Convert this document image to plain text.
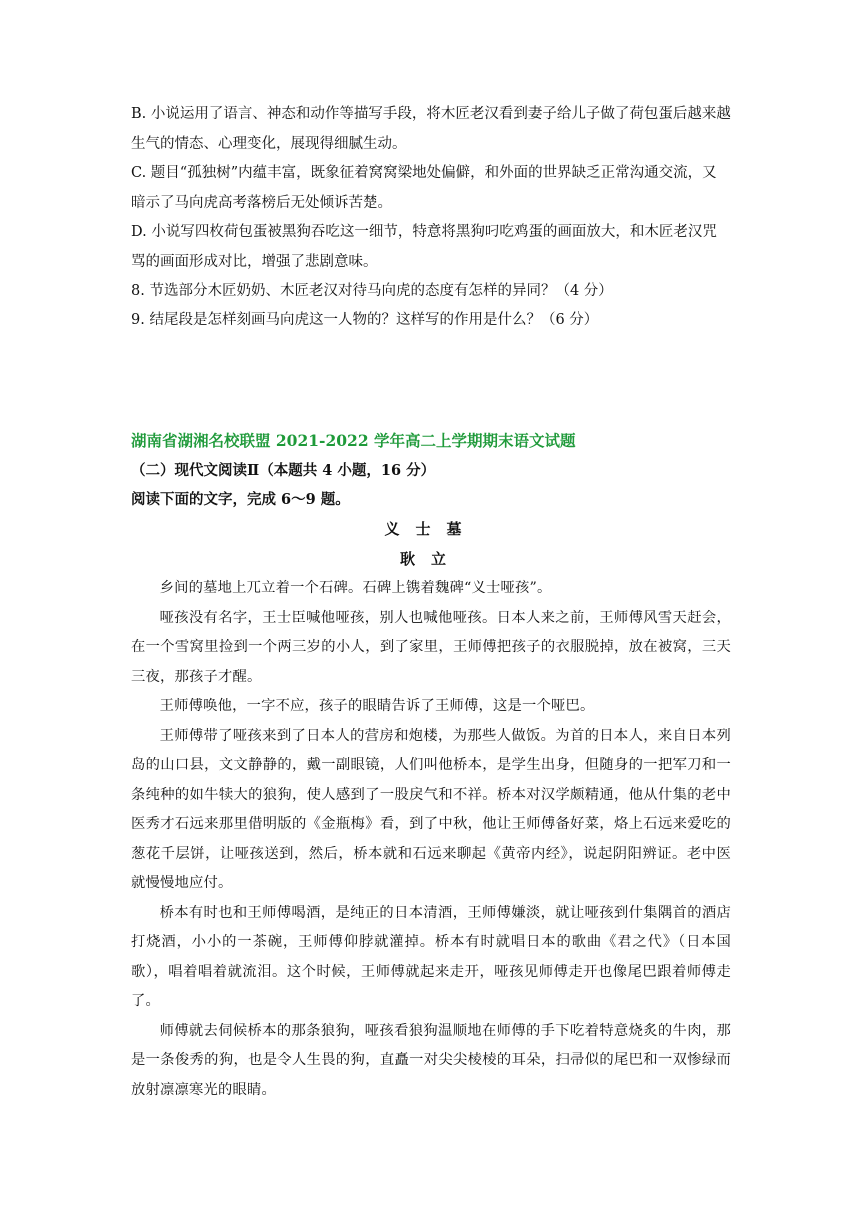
B. 小说运用了语言、神态和动作等描写手段，将木匠老汉看到妻子给儿子做了荷包蛋后越来越生气的情态、心理变化，展现得细腻生动。

C. 题目“孤独树”内蕴丰富，既象征着窝窝梁地处偏僻，和外面的世界缺乏正常沟通交流，又暗示了马向虎高考落榜后无处倾诉苦楚。

D. 小说写四枚荷包蛋被黑狗吞吃这一细节，特意将黑狗叼吃鸡蛋的画面放大，和木匠老汉咒骂的画面形成对比，增强了悲剧意味。

8. 节选部分木匠奶奶、木匠老汉对待马向虎的态度有怎样的异同？（4 分）

9. 结尾段是怎样刻画马向虎这一人物的？这样写的作用是什么？（6 分）

湖南省湖湘名校联盟 2021-2022 学年高二上学期期末语文试题

（二）现代文阅读Ⅱ（本题共 4 小题，16 分）

阅读下面的文字，完成 6～9 题。

义士墓

耿立

乡间的墓地上兀立着一个石碑。石碑上镌着魏碑“义士哑孩”。

哑孩没有名字，王士臣喊他哑孩，别人也喊他哑孩。日本人来之前，王师傅风雪天赶会，在一个雪窝里捡到一个两三岁的小人，到了家里，王师傅把孩子的衣服脱掉，放在被窝，三天三夜，那孩子才醒。

王师傅唤他，一字不应，孩子的眼睛告诉了王师傅，这是一个哑巴。

王师傅带了哑孩来到了日本人的营房和炮楼，为那些人做饭。为首的日本人，来自日本列岛的山口县，文文静静的，戴一副眼镜，人们叫他桥本，是学生出身，但随身的一把军刀和一条纯种的如牛犊大的狼狗，使人感到了一股戾气和不祥。桥本对汉学颇精通，他从什集的老中医秀才石远来那里借明版的《金瓶梅》看，到了中秋，他让王师傅备好菜，烙上石远来爱吃的葱花千层饼，让哑孩送到，然后，桥本就和石远来聊起《黄帝内经》，说起阴阳辨证。老中医就慢慢地应付。

桥本有时也和王师傅喝酒，是纯正的日本清酒，王师傅嫌淡，就让哑孩到什集隅首的酒店打烧酒，小小的一茶碗，王师傅仰脖就灌掉。桥本有时就唱日本的歌曲《君之代》（日本国歌），唱着唱着就流泪。这个时候，王师傅就起来走开，哑孩见师傅走开也像尾巴跟着师傅走了。

师傅就去伺候桥本的那条狼狗，哑孩看狼狗温顺地在师傅的手下吃着特意烧炙的牛肉，那是一条俊秀的狗，也是令人生畏的狗，直矗一对尖尖棱棱的耳朵，扫帚似的尾巴和一双惨绿而放射凛凛寒光的眼睛。
